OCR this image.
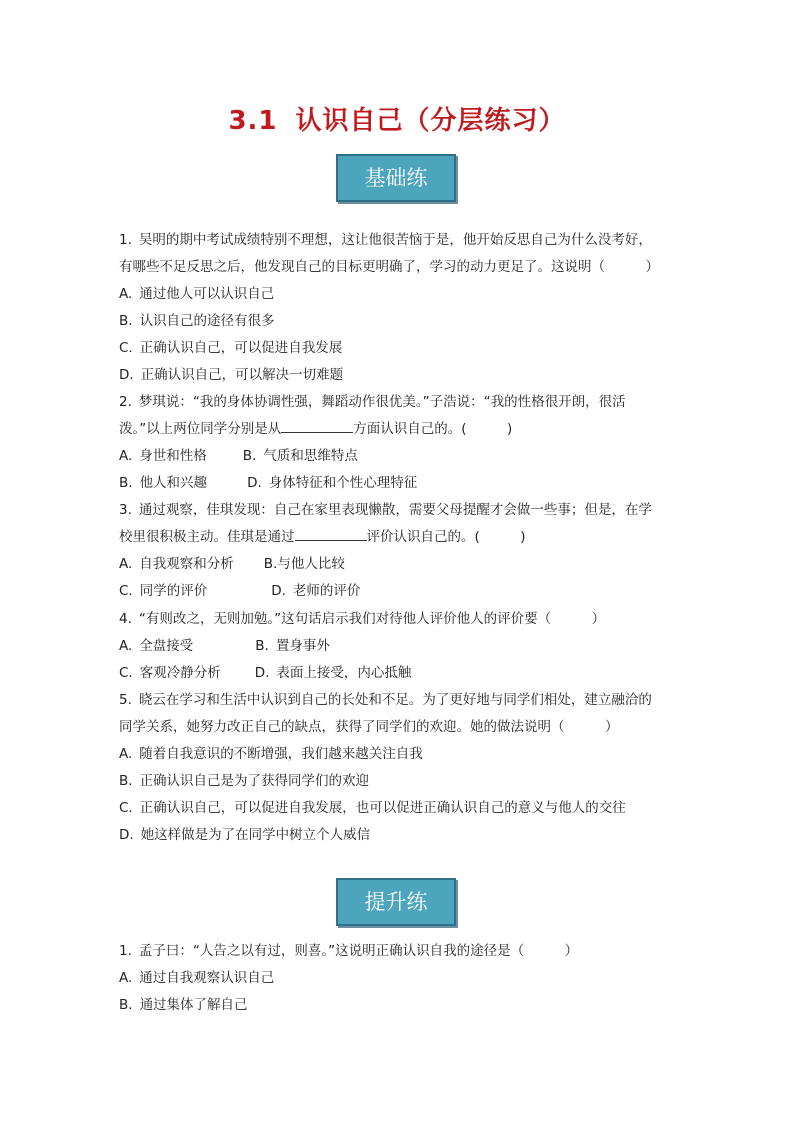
3.1 认识自己（分层练习）
基础练
1. 吴明的期中考试成绩特别不理想，这让他很苦恼于是，他开始反思自己为什么没考好，
有哪些不足反思之后，他发现自己的目标更明确了，学习的动力更足了。这说明（　　　）
A. 通过他人可以认识自己
B. 认识自己的途径有很多
C. 正确认识自己，可以促进自我发展
D. 正确认识自己，可以解决一切难题
2. 梦琪说：“我的身体协调性强，舞蹈动作很优美。”子浩说：“我的性格很开朗，很活
泼。”以上两位同学分别是从	方面认识自己的。(　　　)
A. 身世和性格	B. 气质和思维特点
B. 他人和兴趣	D. 身体特征和个性心理特征
3. 通过观察，佳琪发现：自己在家里表现懒散，需要父母提醒才会做一些事；但是，在学
校里很积极主动。佳琪是通过	评价认识自己的。(　　　)
A. 自我观察和分析 B.与他人比较
C. 同学的评价	D. 老师的评价
4. “有则改之，无则加勉。”这句话启示我们对待他人评价他人的评价要（　　　）
A. 全盘接受	B. 置身事外
C. 客观冷静分析	D. 表面上接受，内心抵触
5. 晓云在学习和生活中认识到自己的长处和不足。为了更好地与同学们相处，建立融洽的
同学关系，她努力改正自己的缺点，获得了同学们的欢迎。她的做法说明（　　　）
A. 随着自我意识的不断增强，我们越来越关注自我
B. 正确认识自己是为了获得同学们的欢迎
C. 正确认识自己，可以促进自我发展，也可以促进正确认识自己的意义与他人的交往
D. 她这样做是为了在同学中树立个人威信
提升练
1. 孟子曰：“人告之以有过，则喜。”这说明正确认识自我的途径是（　　　）
A. 通过自我观察认识自己
B. 通过集体了解自己
